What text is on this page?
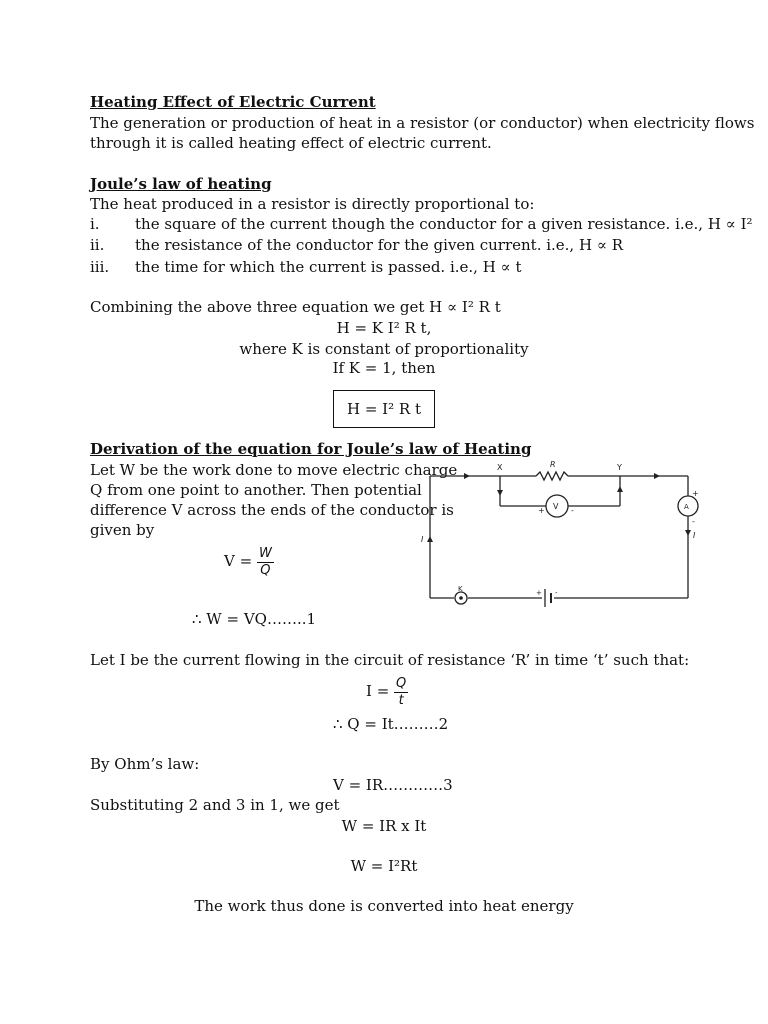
Heating Effect of Electric Current
The generation or production of heat in a resistor (or conductor) when electricity flows
through it is called heating effect of electric current.
Joule’s law of heating
The heat produced in a resistor is directly proportional to:
i. the square of the current though the conductor for a given resistance. i.e., H ∝ I²
ii. the resistance of the conductor for the given current. i.e., H ∝ R
iii. the time for which the current is passed. i.e., H ∝ t
Combining the above three equation we get H ∝ I² R t
H = K I² R t,
where K is constant of proportionality
If K = 1, then
H = I² R t
Derivation of the equation for Joule’s law of Heating
Let W be the work done to move electric charge
Q from one point to another. Then potential
difference V across the ends of the conductor is
given by
$V = \frac{W}{Q}$
∴ W = VQ……..1
Let I be the current flowing in the circuit of resistance ‘R’ in time ‘t’ such that:
$I = \frac{Q}{t}$
∴ Q = It………2
By Ohm’s law:
V = IR…………3
Substituting 2 and 3 in 1, we get
W = IR x It
W = I²Rt
The work thus done is converted into heat energy
X	R	Y
V
+	-	A
+
-
I
I
K	+ -
